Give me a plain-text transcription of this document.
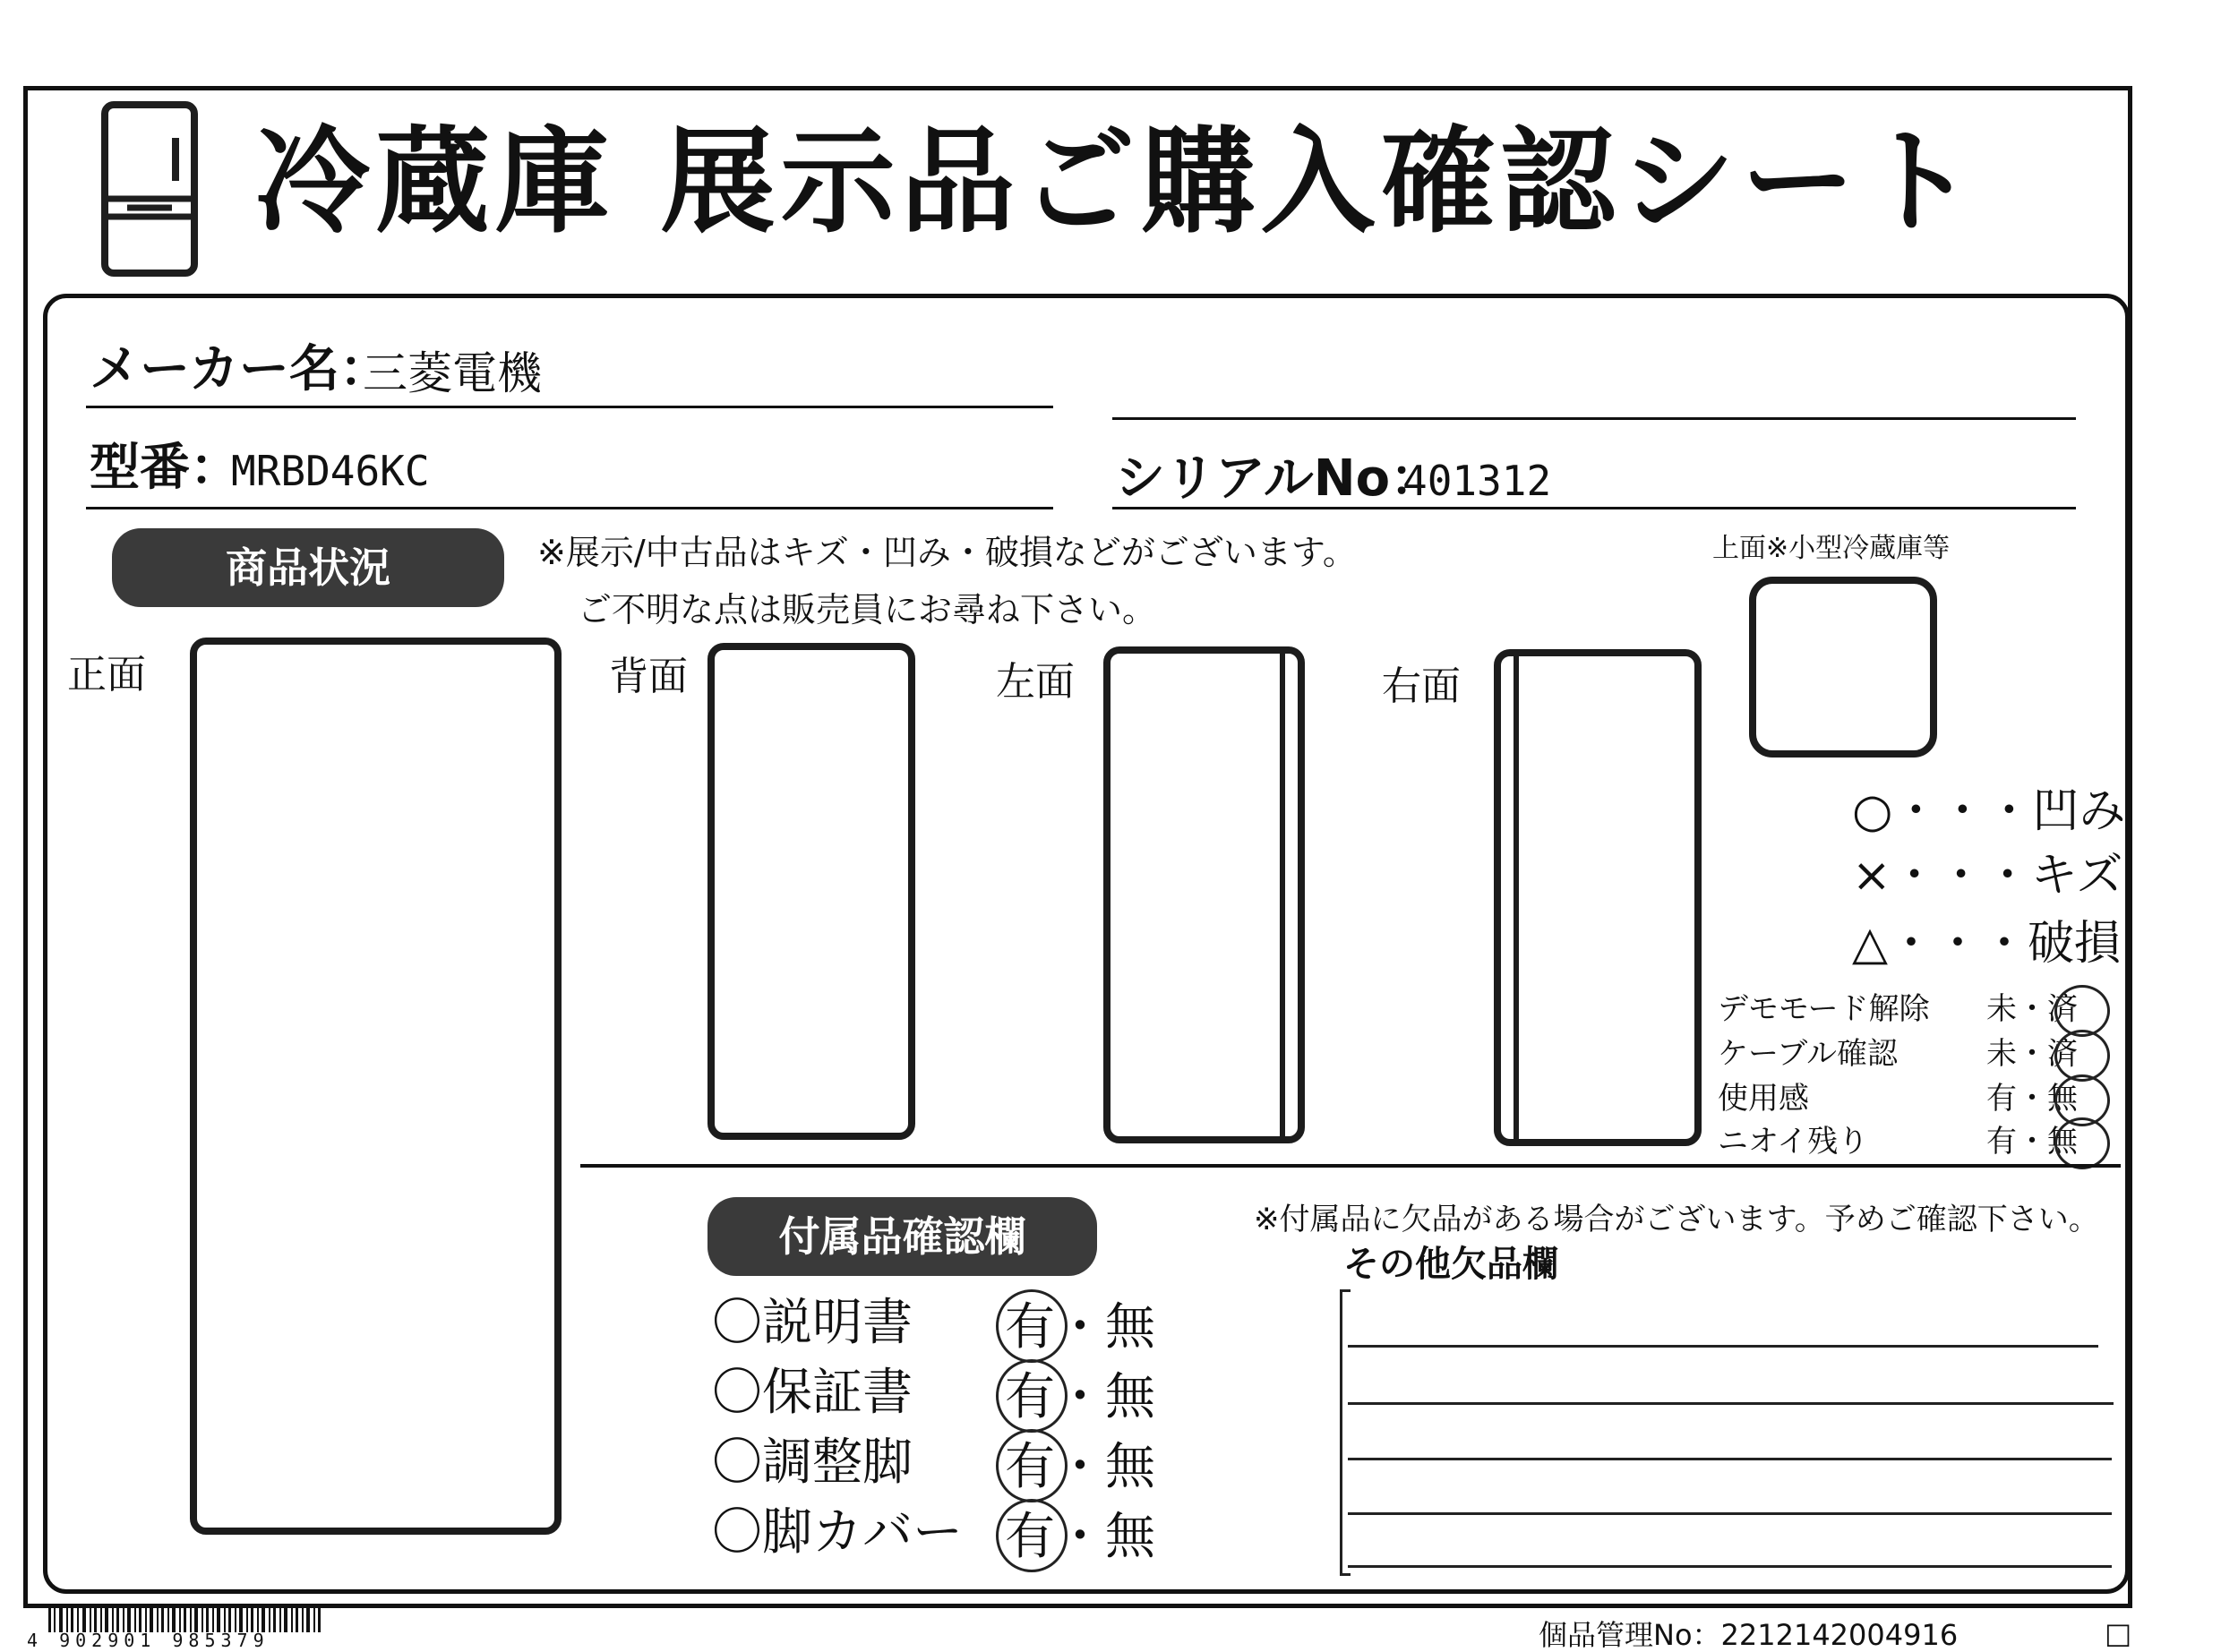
冷蔵庫 展示品ご購入確認シート
メーカー名：
三菱電機
型番：
MRBD46KC	シリアルNo：
401312
商品状況	※展示/中古品はキズ・凹み・破損などがございます。
ご不明な点は販売員にお尋ね下さい。
上面※小型冷蔵庫等
正面	背面	左面	右面
○・・・凹み
×・・・キズ
△・・・破損
デモモード解除 未・済
ケーブル確認	未・済
使用感	有・無
ニオイ残り	有・無
付属品確認欄	※付属品に欠品がある場合がございます。予めご確認下さい。
その他欠品欄
〇説明書 有・無
〇保証書 有・無
〇調整脚 有・無
〇脚カバー 有・無
4 902901 985379	個品管理No：2212142004916	□
